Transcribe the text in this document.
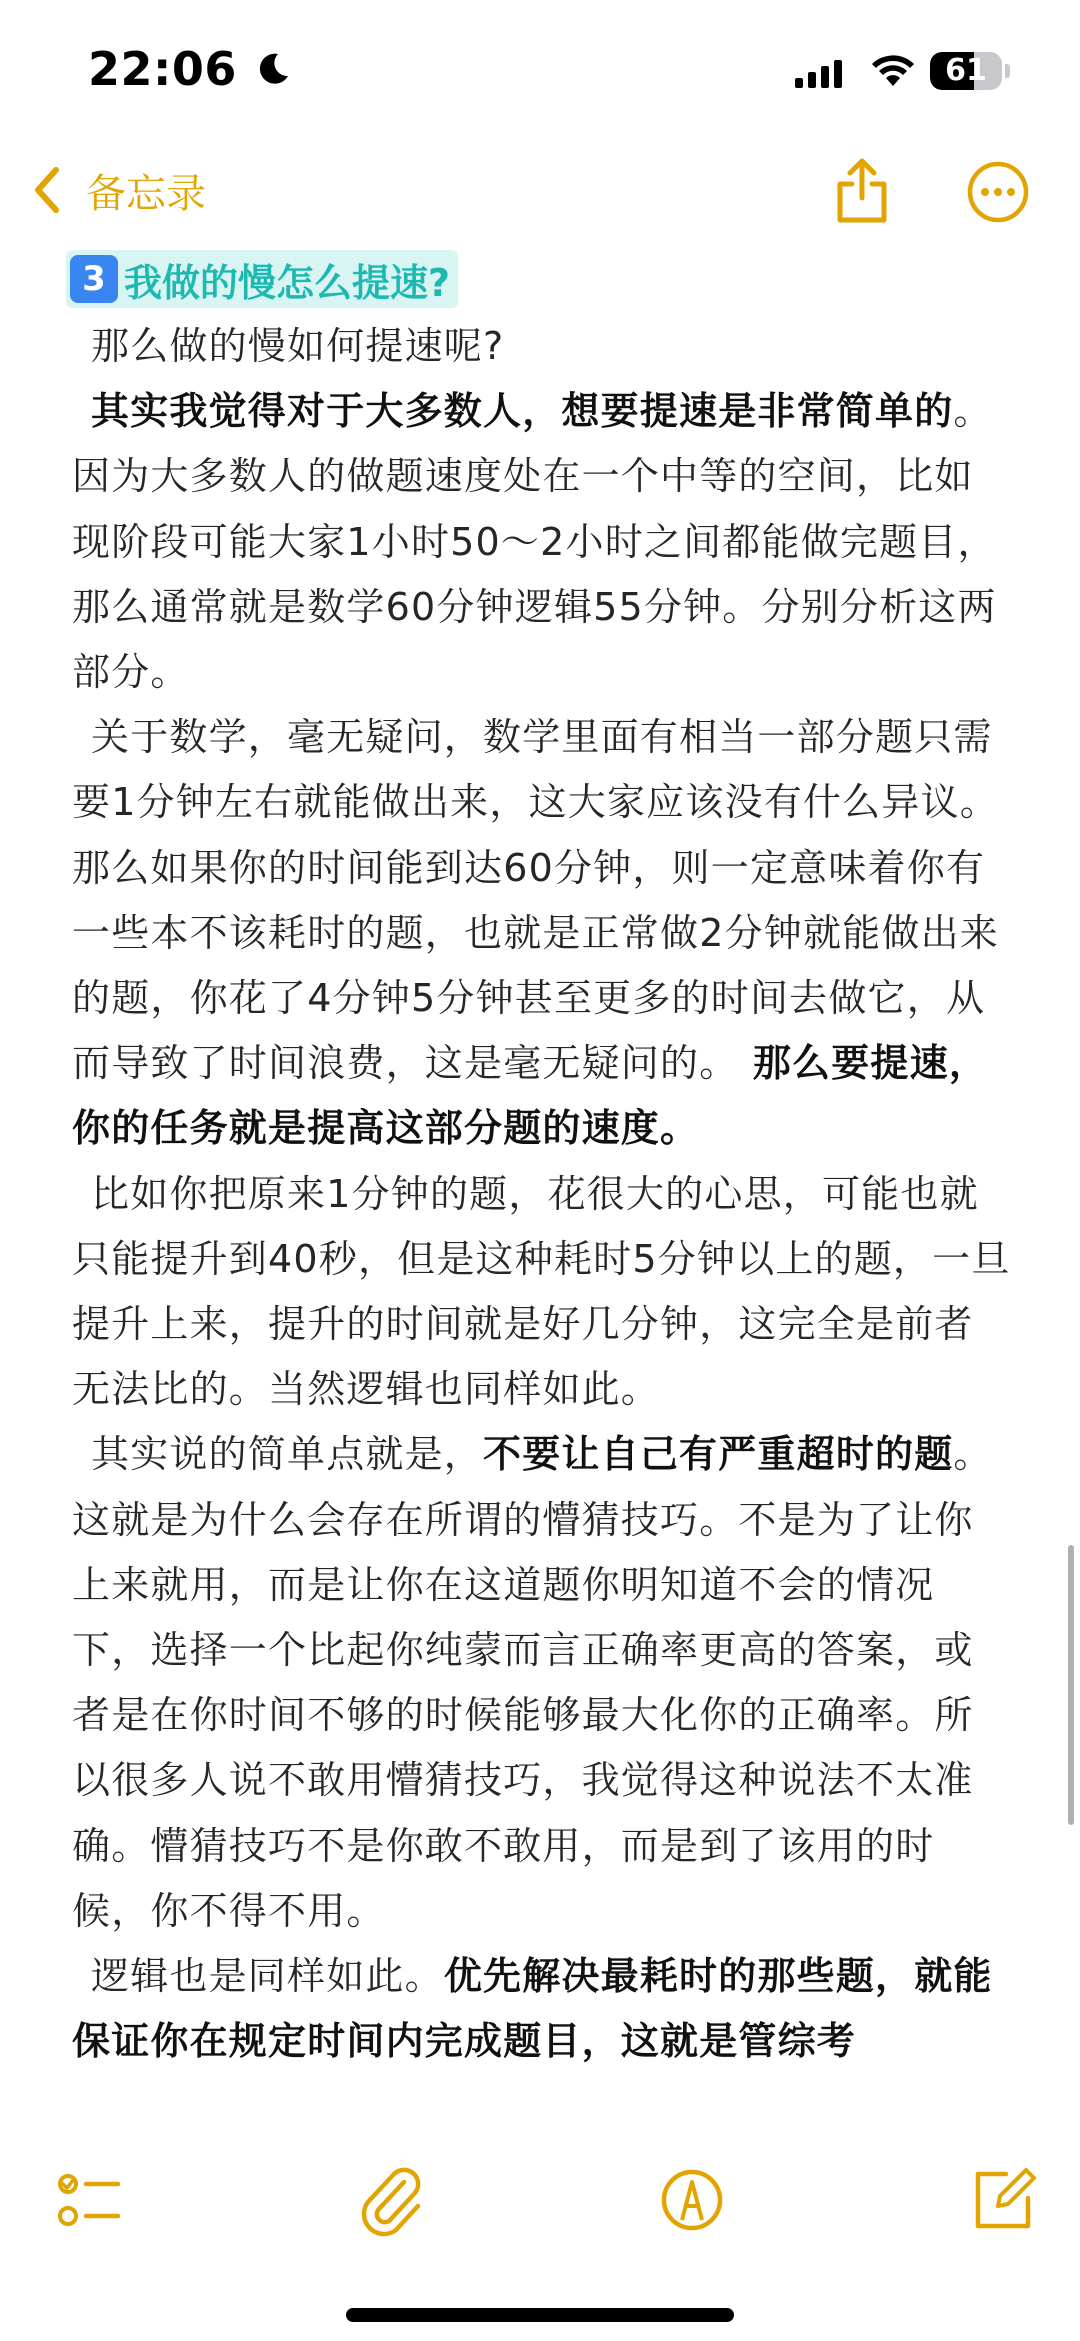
22:06	61
备忘录
3 我做的慢怎么提速?
那么做的慢如何提速呢?
其实我觉得对于大多数人，想要提速是非常简单的。因为大多数人的做题速度处在一个中等的空间，比如现阶段可能大家1小时50～2小时之间都能做完题目，那么通常就是数学60分钟逻辑55分钟。分别分析这两部分。
关于数学，毫无疑问，数学里面有相当一部分题只需要1分钟左右就能做出来，这大家应该没有什么异议。那么如果你的时间能到达60分钟，则一定意味着你有一些本不该耗时的题，也就是正常做2分钟就能做出来的题，你花了4分钟5分钟甚至更多的时间去做它，从而导致了时间浪费，这是毫无疑问的。 那么要提速，你的任务就是提高这部分题的速度。
比如你把原来1分钟的题，花很大的心思，可能也就只能提升到40秒，但是这种耗时5分钟以上的题，一旦提升上来，提升的时间就是好几分钟，这完全是前者无法比的。当然逻辑也同样如此。
其实说的简单点就是，不要让自己有严重超时的题。这就是为什么会存在所谓的懵猜技巧。不是为了让你上来就用，而是让你在这道题你明知道不会的情况下，选择一个比起你纯蒙而言正确率更高的答案，或者是在你时间不够的时候能够最大化你的正确率。所以很多人说不敢用懵猜技巧，我觉得这种说法不太准确。懵猜技巧不是你敢不敢用，而是到了该用的时候，你不得不用。
逻辑也是同样如此。优先解决最耗时的那些题，就能保证你在规定时间内完成题目，这就是管综考
